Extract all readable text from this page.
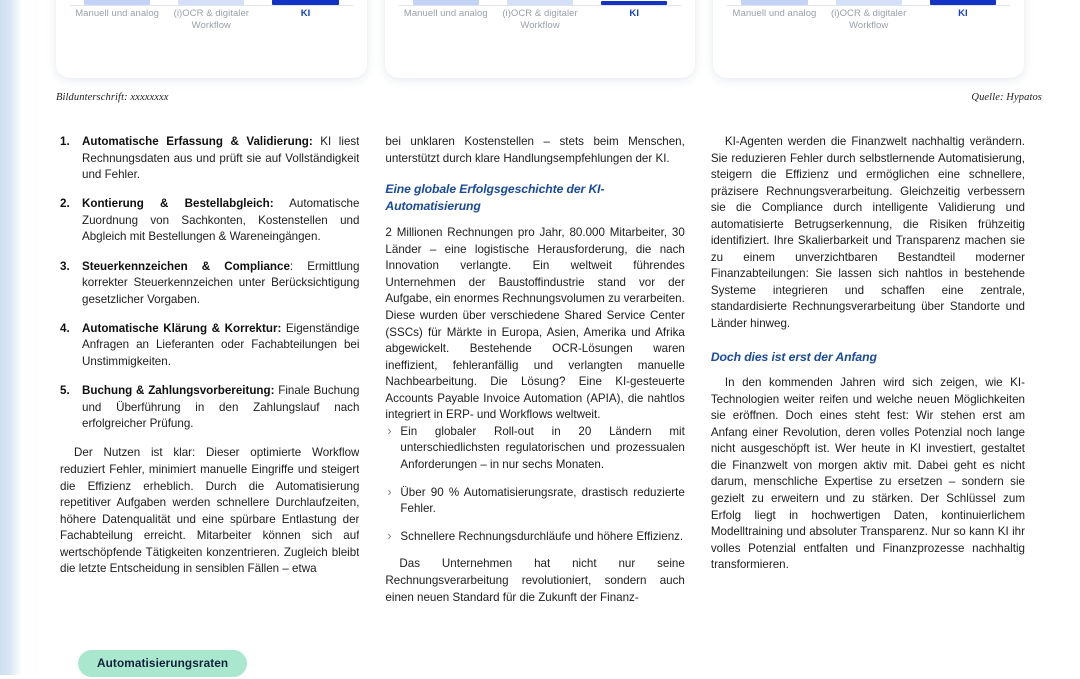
Manuell und analog	(i)OCR & digitaler Workflow
KI	Manuell und analog	(i)OCR & digitaler Workflow
KI	Manuell und analog	(i)OCR & digitaler Workflow
KI
Bildunterschrift: xxxxxxxx	Quelle: Hypatos
Automatische Erfassung & Validierung: KI liest Rechnungsdaten aus und prüft sie auf Vollständigkeit und Fehler.
Kontierung & Bestellabgleich: Automatische Zuordnung von Sachkonten, Kostenstellen und Abgleich mit Bestellungen & Wareneingängen.
Steuerkennzeichen & Compliance: Ermittlung korrekter Steuerkennzeichen unter Berücksichtigung gesetzlicher Vorgaben.
Automatische Klärung & Korrektur: Eigenständige Anfragen an Lieferanten oder Fachabteilungen bei Unstimmigkeiten.
Buchung & Zahlungsvorbereitung: Finale Buchung und Überführung in den Zahlungslauf nach erfolgreicher Prüfung.

Der Nutzen ist klar: Dieser optimierte Workflow reduziert Fehler, minimiert manuelle Eingriffe und steigert die Effizienz erheblich. Durch die Automatisierung repetitiver Aufgaben werden schnellere Durchlaufzeiten, höhere Datenqualität und eine spürbare Entlastung der Fachabteilung erreicht. Mitarbeiter können sich auf wertschöpfende Tätigkeiten konzentrieren. Zugleich bleibt die letzte Entscheidung in sensiblen Fällen – etwa

Automatisierungsraten

bei unklaren Kostenstellen – stets beim Menschen, unterstützt durch klare Handlungsempfehlungen der KI.

Eine globale Erfolgsgeschichte der KI-Automatisierung

2 Millionen Rechnungen pro Jahr, 80.000 Mitarbeiter, 30 Länder – eine logistische Herausforderung, die nach Innovation verlangte. Ein weltweit führendes Unternehmen der Baustoffindustrie stand vor der Aufgabe, ein enormes Rechnungsvolumen zu verarbeiten. Diese wurden über verschiedene Shared Service Center (SSCs) für Märkte in Europa, Asien, Amerika und Afrika abgewickelt. Bestehende OCR-Lösungen waren ineffizient, fehleranfällig und verlangten manuelle Nachbearbeitung. Die Lösung? Eine KI-gesteuerte Accounts Payable Invoice Automation (APIA), die nahtlos integriert in ERP- und Workflows weltweit.

› Ein globaler Roll-out in 20 Ländern mit unterschiedlichsten regulatorischen und prozessualen Anforderungen – in nur sechs Monaten.
› Über 90 % Automatisierungsrate, drastisch reduzierte Fehler.
› Schnellere Rechnungsdurchläufe und höhere Effizienz.

Das Unternehmen hat nicht nur seine Rechnungsverarbeitung revolutioniert, sondern auch einen neuen Standard für die Zukunft der Finanz-

KI-Agenten werden die Finanzwelt nachhaltig verändern. Sie reduzieren Fehler durch selbstlernende Automatisierung, steigern die Effizienz und ermöglichen eine schnellere, präzisere Rechnungsverarbeitung. Gleichzeitig verbessern sie die Compliance durch intelligente Validierung und automatisierte Betrugserkennung, die Risiken frühzeitig identifiziert. Ihre Skalierbarkeit und Transparenz machen sie zu einem unverzichtbaren Bestandteil moderner Finanzabteilungen: Sie lassen sich nahtlos in bestehende Systeme integrieren und schaffen eine zentrale, standardisierte Rechnungsverarbeitung über Standorte und Länder hinweg.

Doch dies ist erst der Anfang

In den kommenden Jahren wird sich zeigen, wie KI-Technologien weiter reifen und welche neuen Möglichkeiten sie eröffnen. Doch eines steht fest: Wir stehen erst am Anfang einer Revolution, deren volles Potenzial noch lange nicht ausgeschöpft ist. Wer heute in KI investiert, gestaltet die Finanzwelt von morgen aktiv mit. Dabei geht es nicht darum, menschliche Expertise zu ersetzen – sondern sie gezielt zu erweitern und zu stärken. Der Schlüssel zum Erfolg liegt in hochwertigen Daten, kontinuierlichem Modelltraining und absoluter Transparenz. Nur so kann KI ihr volles Potenzial entfalten und Finanzprozesse nachhaltig transformieren.
